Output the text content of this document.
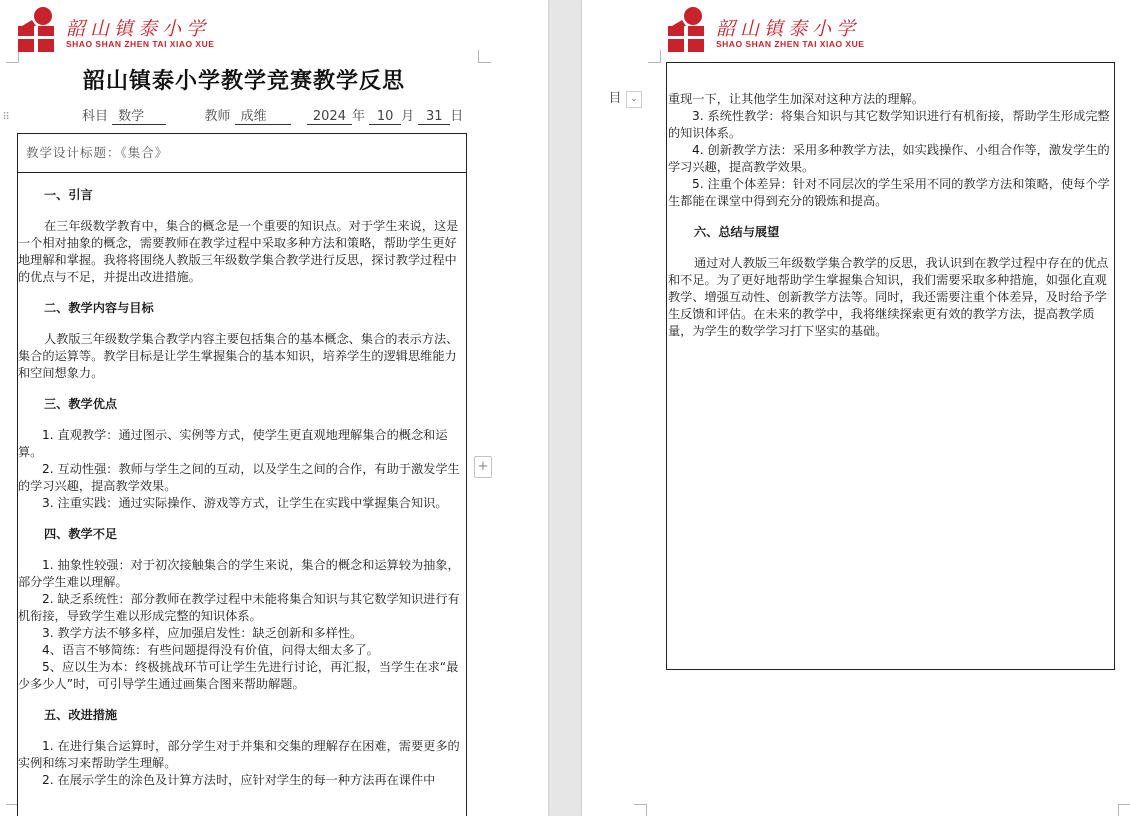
⠿
韶山镇泰小学
SHAO SHAN ZHEN TAI XIAO XUE
韶山镇泰小学教学竞赛教学反思
科目 数学	教师 成维	2024 年 10 月 31 日
教学设计标题：《集合》
一、引言
在三年级数学教育中，集合的概念是一个重要的知识点。对于学生来说，这是一个相对抽象的概念，需要教师在教学过程中采取多种方法和策略，帮助学生更好地理解和掌握。我将将围绕人教版三年级数学集合教学进行反思，探讨教学过程中的优点与不足，并提出改进措施。
二、教学内容与目标
人教版三年级数学集合教学内容主要包括集合的基本概念、集合的表示方法、集合的运算等。教学目标是让学生掌握集合的基本知识，培养学生的逻辑思维能力和空间想象力。
三、教学优点
1. 直观教学：通过图示、实例等方式，使学生更直观地理解集合的概念和运算。
2. 互动性强：教师与学生之间的互动，以及学生之间的合作，有助于激发学生的学习兴趣，提高教学效果。
3. 注重实践：通过实际操作、游戏等方式，让学生在实践中掌握集合知识。
四、教学不足
1. 抽象性较强：对于初次接触集合的学生来说，集合的概念和运算较为抽象，部分学生难以理解。
2. 缺乏系统性：部分教师在教学过程中未能将集合知识与其它数学知识进行有机衔接，导致学生难以形成完整的知识体系。
3. 教学方法不够多样，应加强启发性：缺乏创新和多样性。
4、语言不够简练：有些问题提得没有价值，问得太细太多了。
5、应以生为本：终极挑战环节可让学生先进行讨论，再汇报，当学生在求“最少多少人”时，可引导学生通过画集合图来帮助解题。
五、改进措施
1. 在进行集合运算时，部分学生对于并集和交集的理解存在困难，需要更多的实例和练习来帮助学生理解。
2. 在展示学生的涂色及计算方法时，应针对学生的每一种方法再在课件中
+
韶山镇泰小学
SHAO SHAN ZHEN TAI XIAO XUE
重现一下，让其他学生加深对这种方法的理解。
3. 系统性教学：将集合知识与其它数学知识进行有机衔接，帮助学生形成完整的知识体系。
4. 创新教学方法：采用多种教学方法，如实践操作、小组合作等，激发学生的学习兴趣，提高教学效果。
5. 注重个体差异：针对不同层次的学生采用不同的教学方法和策略，使每个学生都能在课堂中得到充分的锻炼和提高。
六、总结与展望
通过对人教版三年级数学集合教学的反思，我认识到在教学过程中存在的优点和不足。为了更好地帮助学生掌握集合知识，我们需要采取多种措施，如强化直观教学、增强互动性、创新教学方法等。同时，我还需要注重个体差异，及时给予学生反馈和评估。在未来的教学中，我将继续探索更有效的教学方法，提高教学质量，为学生的数学学习打下坚实的基础。
目 ⌄
